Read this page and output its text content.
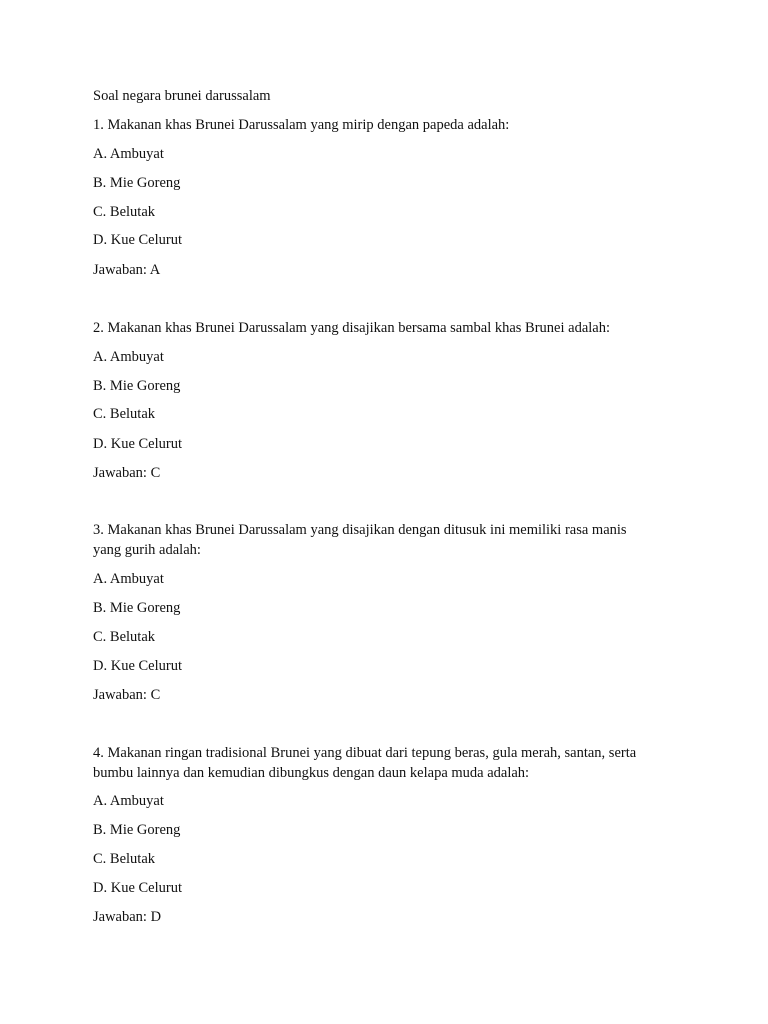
Soal negara brunei darussalam
1. Makanan khas Brunei Darussalam yang mirip dengan papeda adalah:
A. Ambuyat
B. Mie Goreng
C. Belutak
D. Kue Celurut
Jawaban: A
2. Makanan khas Brunei Darussalam yang disajikan bersama sambal khas Brunei adalah:
A. Ambuyat
B. Mie Goreng
C. Belutak
D. Kue Celurut
Jawaban: C
3. Makanan khas Brunei Darussalam yang disajikan dengan ditusuk ini memiliki rasa manis
yang gurih adalah:
A. Ambuyat
B. Mie Goreng
C. Belutak
D. Kue Celurut
Jawaban: C
4. Makanan ringan tradisional Brunei yang dibuat dari tepung beras, gula merah, santan, serta
bumbu lainnya dan kemudian dibungkus dengan daun kelapa muda adalah:
A. Ambuyat
B. Mie Goreng
C. Belutak
D. Kue Celurut
Jawaban: D
